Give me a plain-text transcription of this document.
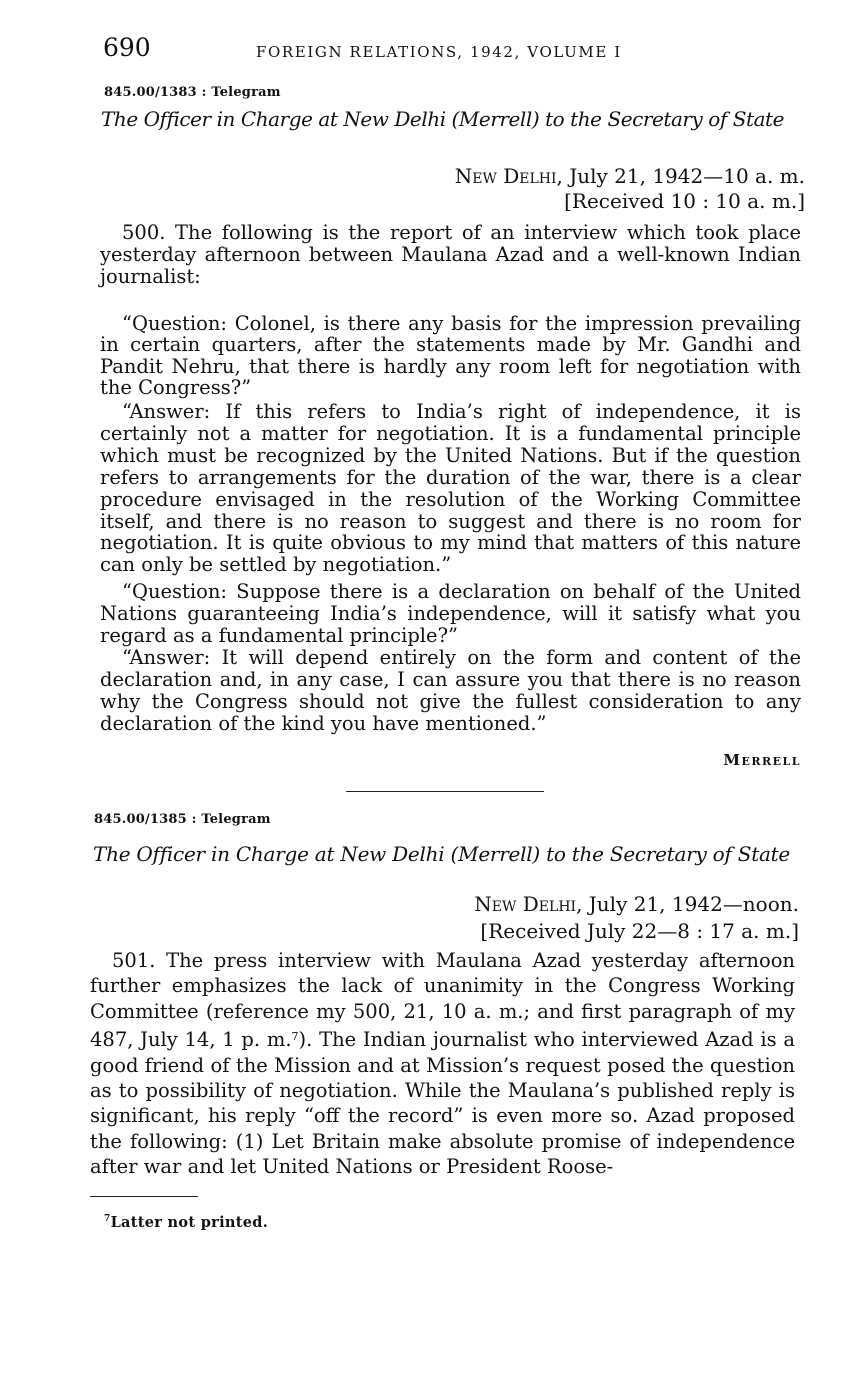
690	FOREIGN RELATIONS, 1942, VOLUME I
845.00/1383 : Telegram
The Officer in Charge at New Delhi (Merrell) to the Secretary of State
New Delhi, July 21, 1942—10 a. m.
[Received 10 : 10 a. m.]

500. The following is the report of an interview which took place yesterday afternoon between Maulana Azad and a well-known Indian journalist:

“Question: Colonel, is there any basis for the impression prevailing in certain quarters, after the statements made by Mr. Gandhi and Pandit Nehru, that there is hardly any room left for negotiation with the Congress?”

“Answer: If this refers to India’s right of independence, it is certainly not a matter for negotiation. It is a fundamental principle which must be recognized by the United Nations. But if the question refers to arrangements for the duration of the war, there is a clear procedure envisaged in the resolution of the Working Committee itself, and there is no reason to suggest and there is no room for negotiation. It is quite obvious to my mind that matters of this nature can only be settled by negotiation.”

“Question: Suppose there is a declaration on behalf of the United Nations guaranteeing India’s independence, will it satisfy what you regard as a fundamental principle?”

“Answer: It will depend entirely on the form and content of the declaration and, in any case, I can assure you that there is no reason why the Congress should not give the fullest consideration to any declaration of the kind you have mentioned.”

Merrell
845.00/1385 : Telegram
The Officer in Charge at New Delhi (Merrell) to the Secretary of State
New Delhi, July 21, 1942—noon.
[Received July 22—8 : 17 a. m.]

501. The press interview with Maulana Azad yesterday afternoon further emphasizes the lack of unanimity in the Congress Working Committee (reference my 500, 21, 10 a. m.; and first paragraph of my 487, July 14, 1 p. m.$^7$). The Indian journalist who interviewed Azad is a good friend of the Mission and at Mission’s request posed the question as to possibility of negotiation. While the Maulana’s published reply is significant, his reply “off the record” is even more so. Azad proposed the following: (1) Let Britain make absolute promise of independence after war and let United Nations or President Roose-

$^7$Latter not printed.
